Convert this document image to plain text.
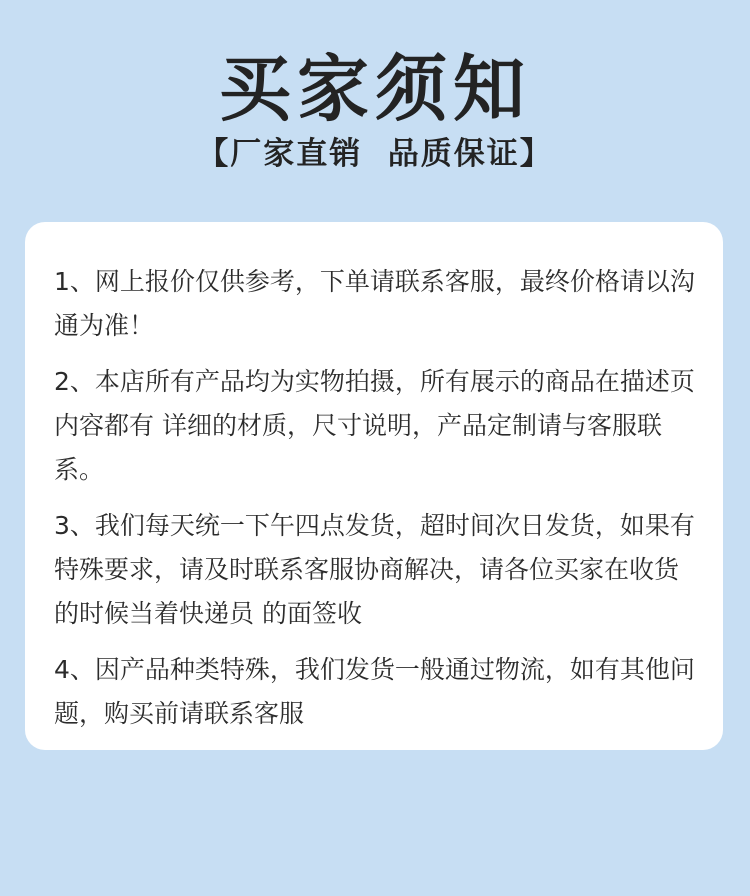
买家须知
【厂家直销  品质保证】

1、网上报价仅供参考，下单请联系客服，最终价格请以沟通为准！

2、本店所有产品均为实物拍摄，所有展示的商品在描述页内容都有 详细的材质，尺寸说明，产品定制请与客服联系。

3、我们每天统一下午四点发货，超时间次日发货，如果有特殊要求，请及时联系客服协商解决，请各位买家在收货的时候当着快递员 的面签收

4、因产品种类特殊，我们发货一般通过物流，如有其他问题，购买前请联系客服
